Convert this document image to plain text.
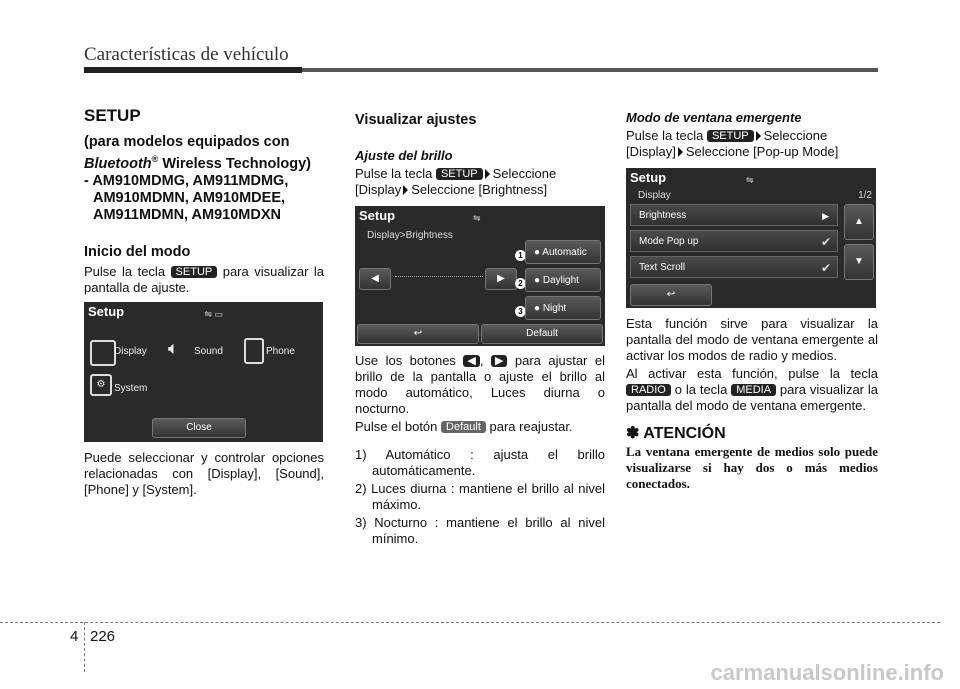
Características de vehículo
SETUP
(para modelos equipados con
Bluetooth® Wireless Technology)
- AM910MDMG, AM911MDMG,
AM910MDMN, AM910MDEE,
AM911MDMN, AM910MDXN
Inicio del modo

Pulse la tecla SETUP para visualizar la pantalla de ajuste.

Setup	⇋ ▭
Display 🔈︎ Sound	Phone
⚙ System
Close

Puede seleccionar y controlar opciones relacionadas con [Display], [Sound], [Phone] y [System].

Visualizar ajustes
Ajuste del brillo

Pulse la tecla SETUP Seleccione
[Display Seleccione [Brightness]

Setup	⇋
Display>Brightness
◀	▶
1
2
3
● Automatic
● Daylight
● Night
↩	Default

Use los botones ◀ , ▶ para ajustar el brillo de la pantalla o ajuste el brillo al modo automático, Luces diurna o nocturno.

Pulse el botón Default para reajustar.

1) Automático : ajusta el brillo automáticamente.

2) Luces diurna : mantiene el brillo al nivel máximo.

3) Nocturno : mantiene el brillo al nivel mínimo.

Modo de ventana emergente

Pulse la tecla SETUP Seleccione
[Display] Seleccione [Pop-up Mode]

Setup	⇋
Display	1/2
Brightness	▶
Mode Pop up	✔
Text Scroll	✔
▲
▼
↩

Esta función sirve para visualizar la pantalla del modo de ventana emergente al activar los modos de radio y medios.

Al activar esta función, pulse la tecla RADIO o la tecla MEDIA para visualizar la pantalla del modo de ventana emergente.

✽ ATENCIÓN
La ventana emergente de medios solo puede visualizarse si hay dos o más medios conectados.
4 226
carmanualsonline.info
